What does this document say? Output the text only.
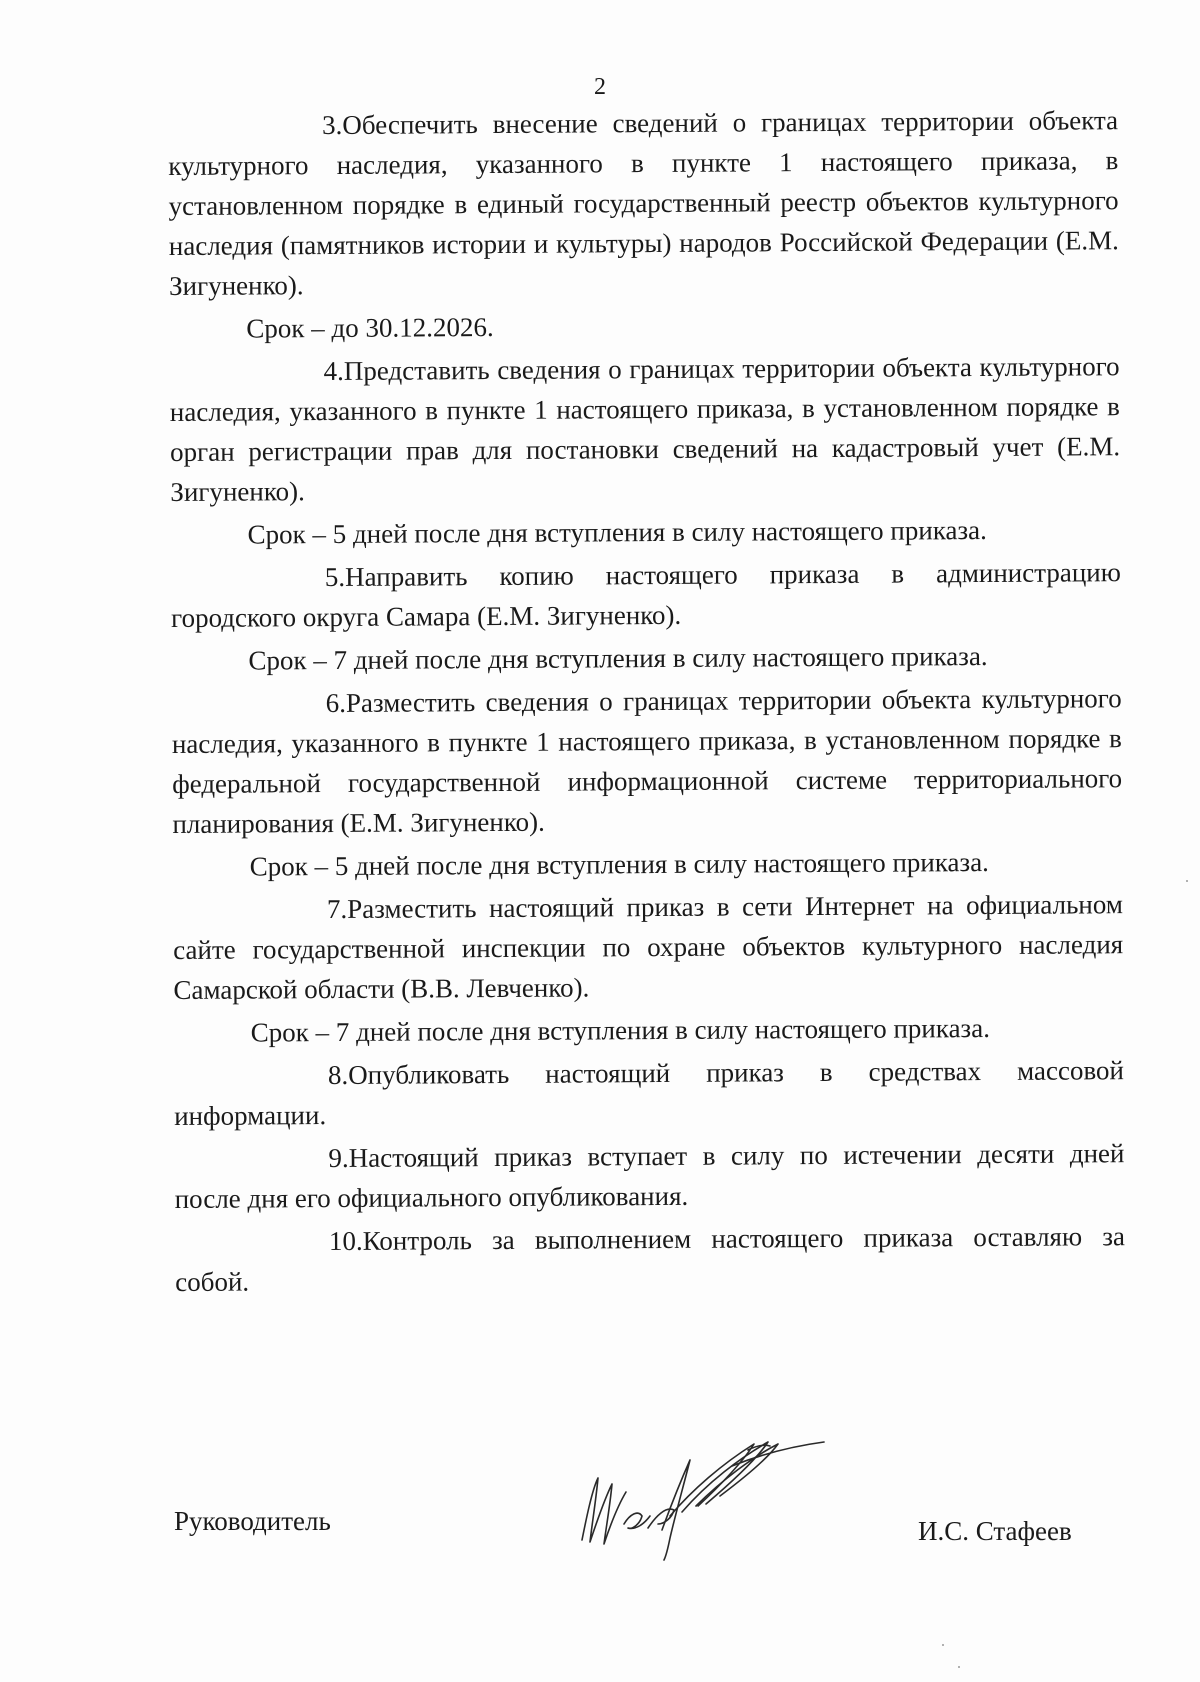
2

3.Обеспечить внесение сведений о границах территории объекта культурного наследия, указанного в пункте 1 настоящего приказа, в установленном порядке в единый государственный реестр объектов культурного наследия (памятников истории и культуры) народов Российской Федерации (Е.М. Зигуненко).

Срок – до 30.12.2026.

4.Представить сведения о границах территории объекта культурного наследия, указанного в пункте 1 настоящего приказа, в установленном порядке в орган регистрации прав для постановки сведений на кадастровый учет (Е.М. Зигуненко).

Срок – 5 дней после дня вступления в силу настоящего приказа.

5.Направить копию настоящего приказа в администрацию городского округа Самара (Е.М. Зигуненко).

Срок – 7 дней после дня вступления в силу настоящего приказа.

6.Разместить сведения о границах территории объекта культурного наследия, указанного в пункте 1 настоящего приказа, в установленном порядке в федеральной государственной информационной системе территориального планирования (Е.М. Зигуненко).

Срок – 5 дней после дня вступления в силу настоящего приказа.

7.Разместить настоящий приказ в сети Интернет на официальном сайте государственной инспекции по охране объектов культурного наследия Самарской области (В.В. Левченко).

Срок – 7 дней после дня вступления в силу настоящего приказа.

8.Опубликовать настоящий приказ в средствах массовой информации.

9.Настоящий приказ вступает в силу по истечении десяти дней после дня его официального опубликования.

10.Контроль за выполнением настоящего приказа оставляю за собой.

Руководитель	И.С. Стафеев
